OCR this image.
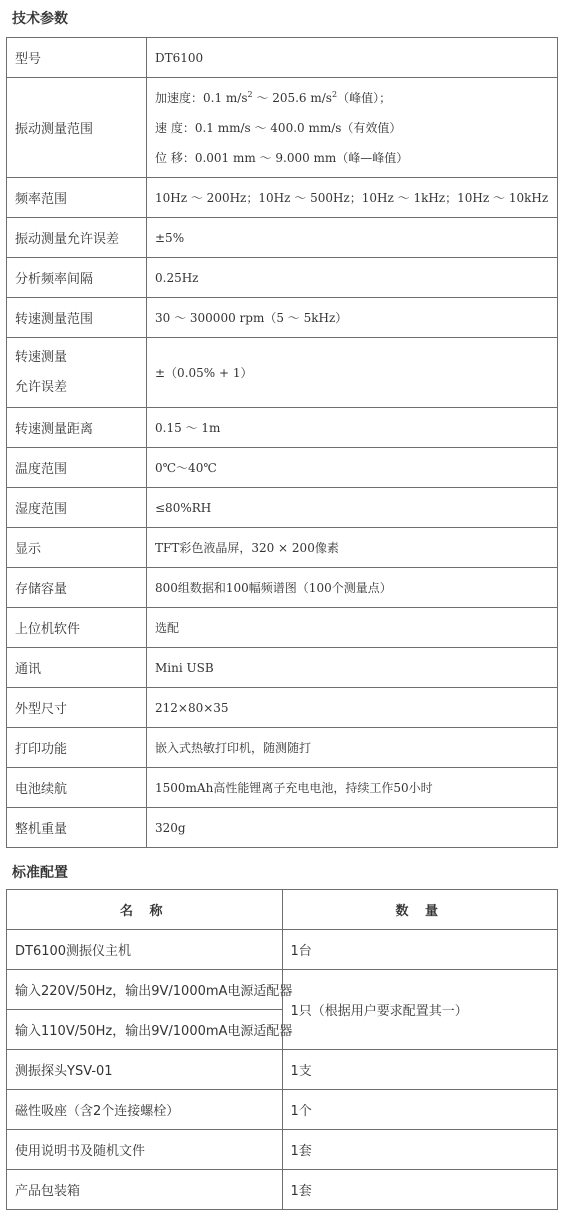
技术参数
型号	DT6100
振动测量范围	加速度：0.1 $m/s^2$ ～ 205.6 $m/s^2$（峰值）；
速 度：0.1 mm/s ～ 400.0 mm/s（有效值）
位 移：0.001 mm ～ 9.000 mm（峰—峰值）

频率范围	10Hz ～ 200Hz；10Hz ～ 500Hz；10Hz ～ 1kHz；10Hz ～ 10kHz
振动测量允许误差	±5%
分析频率间隔	0.25Hz
转速测量范围	30 ～ 300000 rpm（5 ～ 5kHz）

转速测量
允许误差	±（0.05% + 1）
转速测量距离	0.15 ～ 1m
温度范围	0℃～40℃
湿度范围	≤80%RH
显示	TFT彩色液晶屏，320 × 200像素
存储容量	800组数据和100幅频谱图（100个测量点）
上位机软件	选配
通讯	Mini USB
外型尺寸	212×80×35
打印功能	嵌入式热敏打印机，随测随打
电池续航	1500mAh高性能锂离子充电电池，持续工作50小时
整机重量	320g
标准配置
名 称	数 量
DT6100测振仪主机	1台
输入220V/50Hz，输出9V/1000mA电源适配器	1只（根据用户要求配置其一）
输入110V/50Hz，输出9V/1000mA电源适配器	
测振探头YSV-01	1支
磁性吸座（含2个连接螺栓）	1个
使用说明书及随机文件	1套
产品包装箱	1套
